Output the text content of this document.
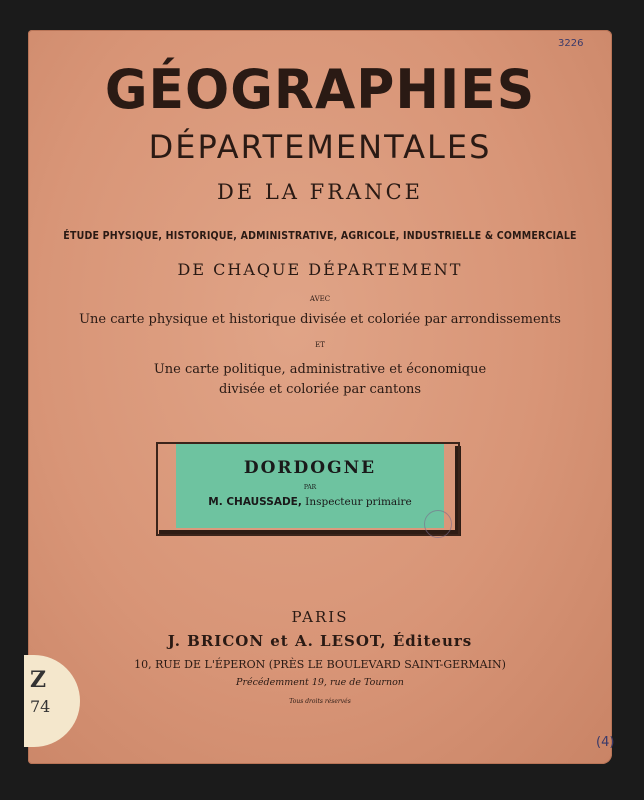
GÉOGRAPHIES
DÉPARTEMENTALES
DE LA FRANCE
ÉTUDE PHYSIQUE, HISTORIQUE, ADMINISTRATIVE, AGRICOLE, INDUSTRIELLE & COMMERCIALE
DE CHAQUE DÉPARTEMENT
AVEC
Une carte physique et historique divisée et coloriée par arrondissements
ET
Une carte politique, administrative et économique
divisée et coloriée par cantons
DORDOGNE
PAR
M. CHAUSSADE, Inspecteur primaire
PARIS
J. BRICON et A. LESOT, Éditeurs
10, RUE DE L'ÉPERON (PRÈS LE BOULEVARD SAINT-GERMAIN)
Précédemment 19, rue de Tournon
Tous droits réservés
3226
(4)
Z
74
